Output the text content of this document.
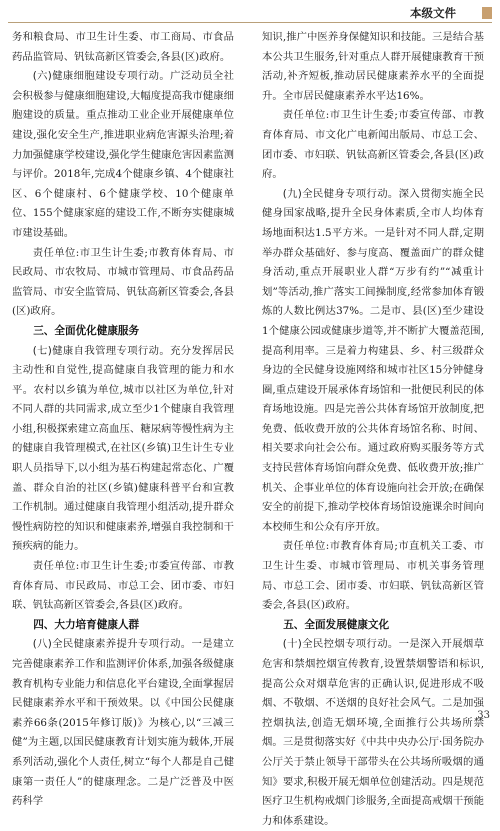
本级文件

务和粮食局、市卫生计生委、市工商局、市食品药品监管局、钒钛高新区管委会,各县(区)政府。

(六)健康细胞建设专项行动。广泛动员全社会积极参与健康细胞建设,大幅度提高我市健康细胞建设的质量。重点推动工业企业开展健康单位建设,强化安全生产,推进职业病危害源头治理;着力加强健康学校建设,强化学生健康危害因素监测与评价。2018年,完成4个健康乡镇、4个健康社区、6个健康村、6个健康学校、10个健康单位、155个健康家庭的建设工作,不断夯实健康城市建设基础。

责任单位:市卫生计生委;市教育体育局、市民政局、市农牧局、市城市管理局、市食品药品监管局、市安全监管局、钒钛高新区管委会,各县(区)政府。

三、全面优化健康服务

(七)健康自我管理专项行动。充分发挥居民主动性和自觉性,提高健康自我管理的能力和水平。农村以乡镇为单位,城市以社区为单位,针对不同人群的共同需求,成立至少1个健康自我管理小组,积极探索建立高血压、糖尿病等慢性病为主的健康自我管理模式,在社区(乡镇)卫生计生专业职人员指导下,以小组为基石构建起常态化、广覆盖、群众自治的社区(乡镇)健康科普平台和宣教工作机制。通过健康自我管理小组活动,提升群众慢性病防控的知识和健康素养,增强自我控制和干预疾病的能力。

责任单位:市卫生计生委;市委宣传部、市教育体育局、市民政局、市总工会、团市委、市妇联、钒钛高新区管委会,各县(区)政府。

四、大力培育健康人群

(八)全民健康素养提升专项行动。一是建立完善健康素养工作和监测评价体系,加强各级健康教育机构专业能力和信息化平台建设,全面掌握居民健康素养水平和干预效果。以《中国公民健康素养66条(2015年修订版)》为核心,以“三减三健”为主题,以国民健康教育计划实施为载体,开展系列活动,强化个人责任,树立“每个人都是自己健康第一责任人”的健康理念。二是广泛普及中医药科学

知识,推广中医养身保健知识和技能。三是结合基本公共卫生服务,针对重点人群开展健康教育干预活动,补齐短板,推动居民健康素养水平的全面提升。全市居民健康素养水平达16%。

责任单位:市卫生计生委;市委宣传部、市教育体育局、市文化广电新闻出版局、市总工会、团市委、市妇联、钒钛高新区管委会,各县(区)政府。

(九)全民健身专项行动。深入贯彻实施全民健身国家战略,提升全民身体素质,全市人均体育场地面积达1.5平方米。一是针对不同人群,定期举办群众基础好、参与度高、覆盖面广的群众健身活动,重点开展职业人群“万步有约”“减重计划”等活动,推广落实工间操制度,经常参加体育锻炼的人数比例达37%。二是市、县(区)至少建设1个健康公园或健康步道等,并不断扩大覆盖范围,提高利用率。三是着力构建县、乡、村三级群众身边的全民健身设施网络和城市社区15分钟健身圈,重点建设开展承体育场馆和一批便民利民的体育场地设施。四是完善公共体育场馆开放制度,把免费、低收费开放的公共体育场馆名称、时间、相关要求向社会公布。通过政府购买服务等方式支持民营体育场馆向群众免费、低收费开放;推广机关、企事业单位的体育设施向社会开放;在确保安全的前提下,推动学校体育场馆设施课余时间向本校师生和公众有序开放。

责任单位:市教育体育局;市直机关工委、市卫生计生委、市城市管理局、市机关事务管理局、市总工会、团市委、市妇联、钒钛高新区管委会,各县(区)政府。

五、全面发展健康文化

(十)全民控烟专项行动。一是深入开展烟草危害和禁烟控烟宣传教育,设置禁烟警语和标识,提高公众对烟草危害的正确认识,促进形成不吸烟、不敬烟、不送烟的良好社会风气。二是加强控烟执法,创造无烟环境,全面推行公共场所禁烟。三是贯彻落实好《中共中央办公厅·国务院办公厅关于禁止领导干部带头在公共场所吸烟的通知》要求,积极开展无烟单位创建活动。四是规范医疗卫生机构戒烟门诊服务,全面提高戒烟干预能力和体系建设。

33
